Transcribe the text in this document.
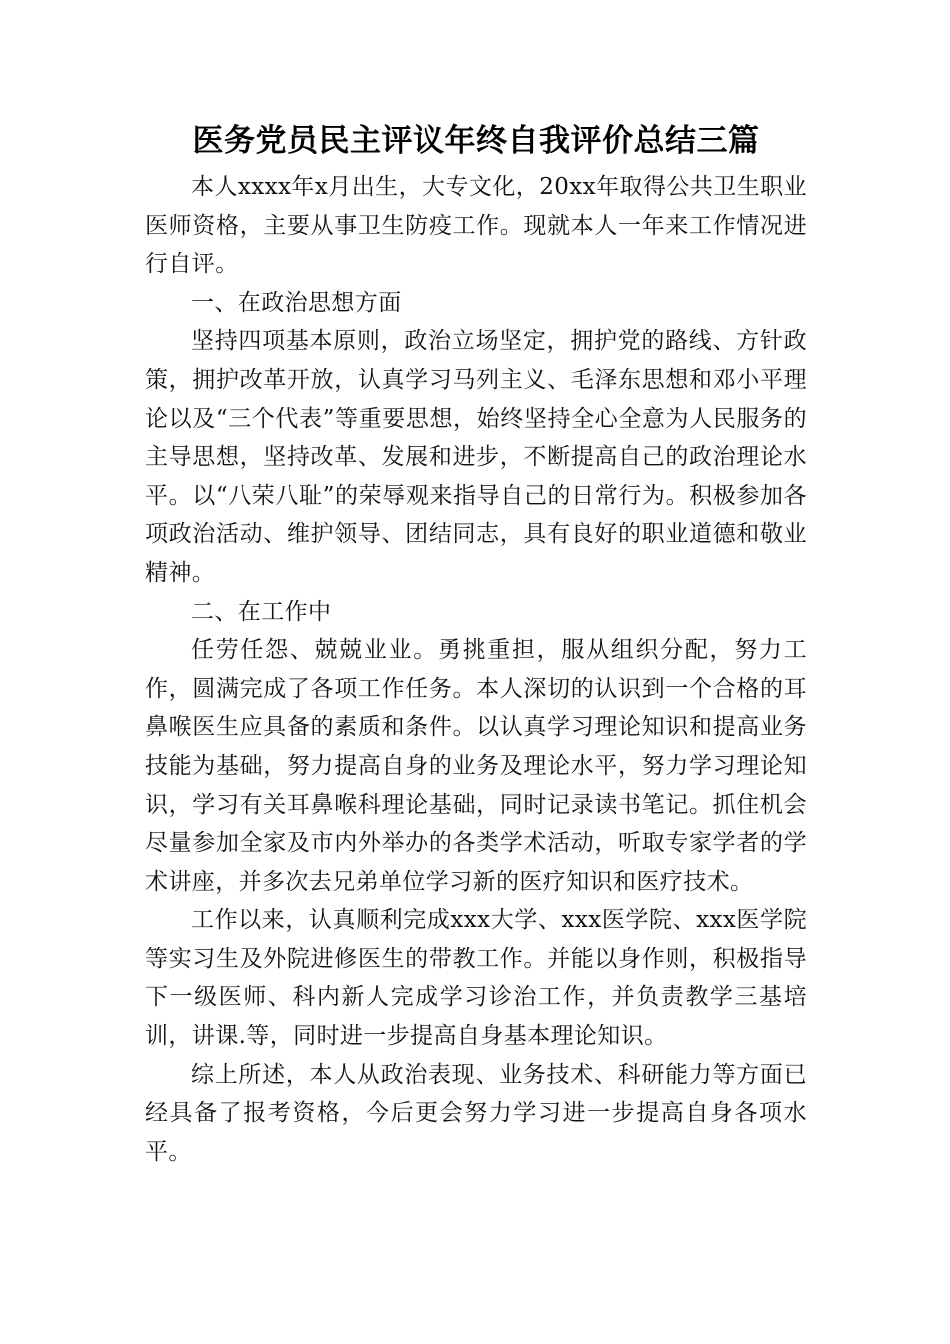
医务党员民主评议年终自我评价总结三篇

本人xxxx年x月出生，大专文化，20xx年取得公共卫生职业医师资格，主要从事卫生防疫工作。现就本人一年来工作情况进行自评。

一、在政治思想方面

坚持四项基本原则，政治立场坚定，拥护党的路线、方针政策，拥护改革开放，认真学习马列主义、毛泽东思想和邓小平理论以及“三个代表”等重要思想，始终坚持全心全意为人民服务的主导思想，坚持改革、发展和进步，不断提高自己的政治理论水平。以“八荣八耻”的荣辱观来指导自己的日常行为。积极参加各项政治活动、维护领导、团结同志，具有良好的职业道德和敬业精神。

二、在工作中

任劳任怨、兢兢业业。勇挑重担，服从组织分配，努力工作，圆满完成了各项工作任务。本人深切的认识到一个合格的耳鼻喉医生应具备的素质和条件。以认真学习理论知识和提高业务技能为基础，努力提高自身的业务及理论水平，努力学习理论知识，学习有关耳鼻喉科理论基础，同时记录读书笔记。抓住机会尽量参加全家及市内外举办的各类学术活动，听取专家学者的学术讲座，并多次去兄弟单位学习新的医疗知识和医疗技术。

工作以来，认真顺利完成xxx大学、xxx医学院、xxx医学院等实习生及外院进修医生的带教工作。并能以身作则，积极指导下一级医师、科内新人完成学习诊治工作，并负责教学三基培训，讲课.等，同时进一步提高自身基本理论知识。

综上所述，本人从政治表现、业务技术、科研能力等方面已经具备了报考资格，今后更会努力学习进一步提高自身各项水平。
